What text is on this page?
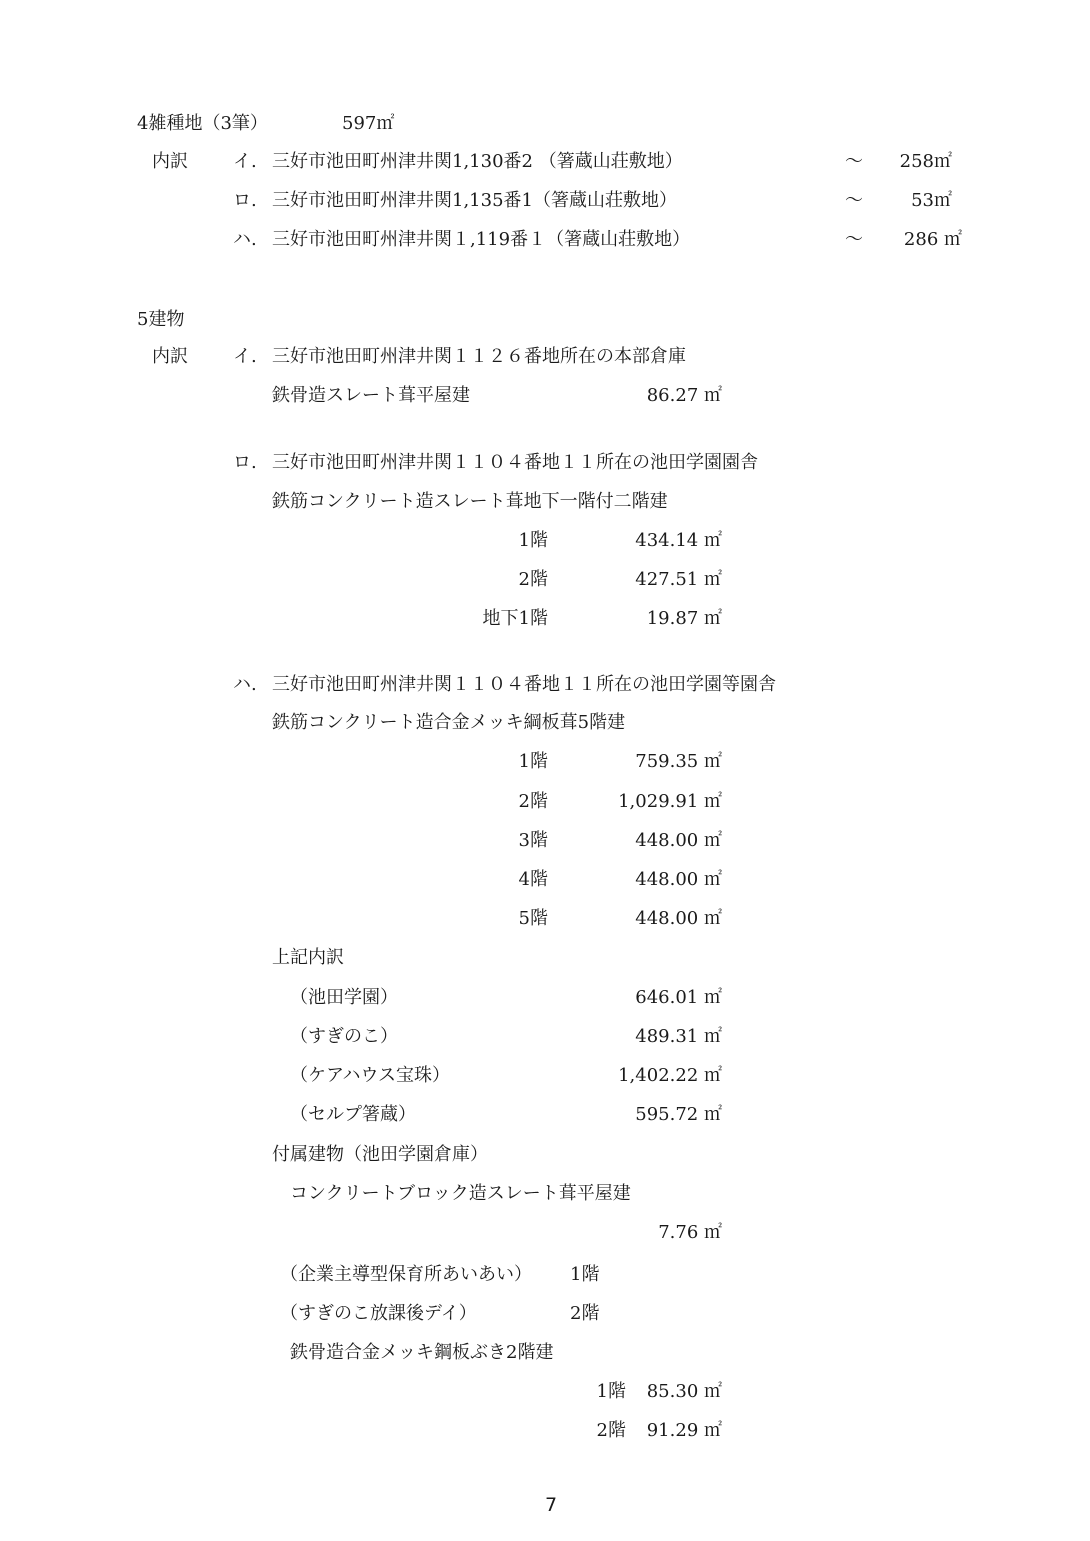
4雑種地（3筆）	597㎡
内訳	イ. 三好市池田町州津井関1,130番2 （箸蔵山荘敷地）	～	258㎡
ロ. 三好市池田町州津井関1,135番1（箸蔵山荘敷地）	～	53㎡
ハ. 三好市池田町州津井関１,119番１（箸蔵山荘敷地）	～	286 ㎡
5建物
内訳	イ. 三好市池田町州津井関１１２６番地所在の本部倉庫
鉄骨造スレート葺平屋建	86.27 ㎡
ロ. 三好市池田町州津井関１１０４番地１１所在の池田学園園舎
鉄筋コンクリート造スレート葺地下一階付二階建
1階	434.14 ㎡
2階	427.51 ㎡
地下1階	19.87 ㎡
ハ. 三好市池田町州津井関１１０４番地１１所在の池田学園等園舎
鉄筋コンクリート造合金メッキ綱板葺5階建
1階	759.35 ㎡
2階	1,029.91 ㎡
3階	448.00 ㎡
4階	448.00 ㎡
5階	448.00 ㎡
上記内訳
（池田学園）	646.01 ㎡
（すぎのこ）	489.31 ㎡
（ケアハウス宝珠）	1,402.22 ㎡
（セルプ箸蔵）	595.72 ㎡
付属建物（池田学園倉庫）
コンクリートブロック造スレート葺平屋建
7.76 ㎡
（企業主導型保育所あいあい） 1階
（すぎのこ放課後デイ）	2階
鉄骨造合金メッキ鋼板ぶき2階建
1階	85.30 ㎡
2階	91.29 ㎡
7
